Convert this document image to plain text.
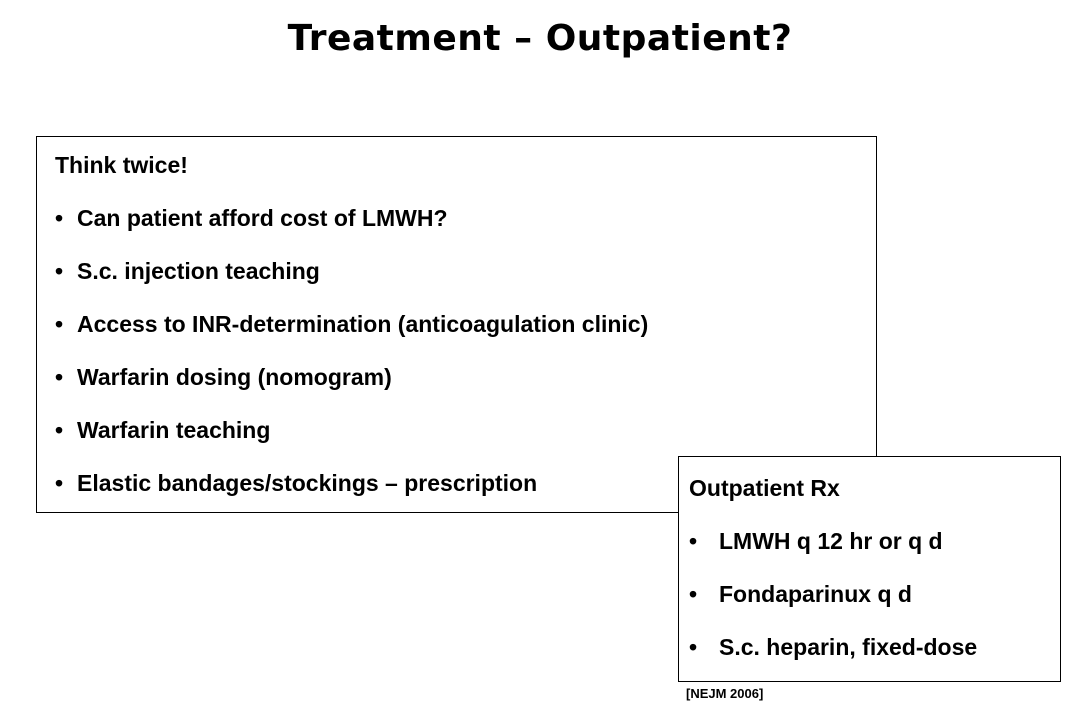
Treatment – Outpatient?
Think twice!
• Can patient afford cost of LMWH?
• S.c. injection teaching
• Access to INR-determination (anticoagulation clinic)
• Warfarin dosing (nomogram)
• Warfarin teaching
• Elastic bandages/stockings – prescription	Outpatient Rx
• LMWH q 12 hr or q d
• Fondaparinux q d
• S.c. heparin, fixed-dose
[NEJM 2006]
